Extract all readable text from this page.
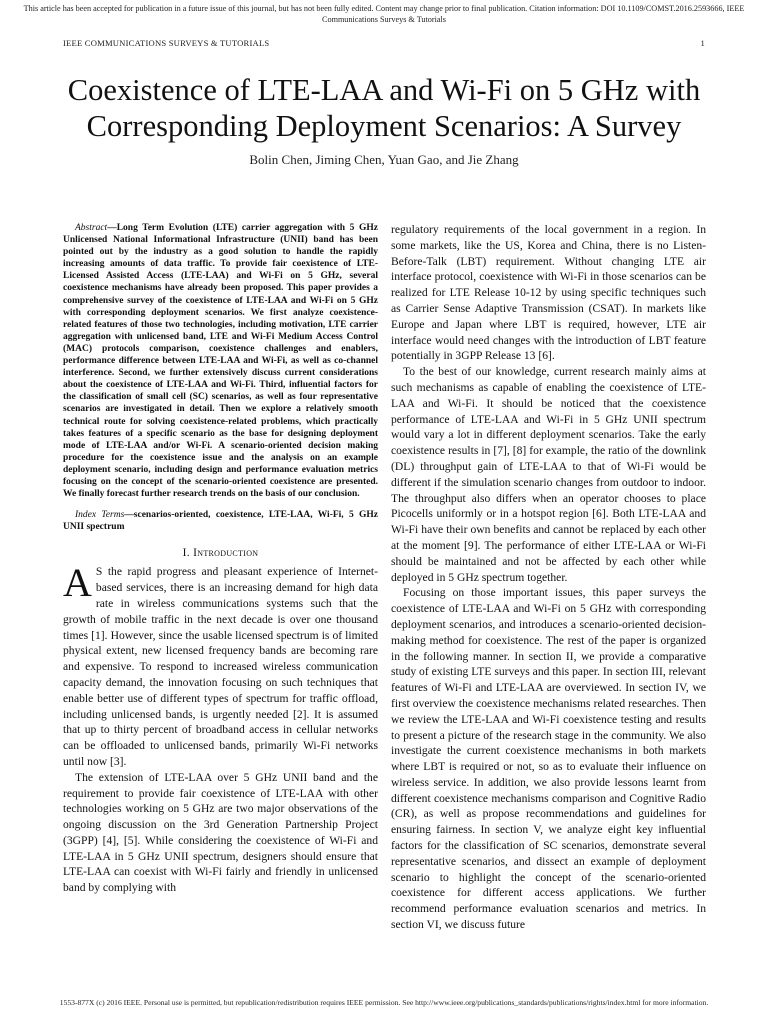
This article has been accepted for publication in a future issue of this journal, but has not been fully edited. Content may change prior to final publication. Citation information: DOI 10.1109/COMST.2016.2593666, IEEE Communications Surveys & Tutorials
IEEE COMMUNICATIONS SURVEYS & TUTORIALS	1
Coexistence of LTE-LAA and Wi-Fi on 5 GHz with Corresponding Deployment Scenarios: A Survey
Bolin Chen, Jiming Chen, Yuan Gao, and Jie Zhang

Abstract—Long Term Evolution (LTE) carrier aggregation with 5 GHz Unlicensed National Informational Infrastructure (UNII) band has been pointed out by the industry as a good solution to handle the rapidly increasing amounts of data traffic. To provide fair coexistence of LTE-Licensed Assisted Access (LTE-LAA) and Wi-Fi on 5 GHz, several coexistence mechanisms have already been proposed. This paper provides a comprehensive survey of the coexistence of LTE-LAA and Wi-Fi on 5 GHz with corresponding deployment scenarios. We first analyze coexistence-related features of those two technologies, including motivation, LTE carrier aggregation with unlicensed band, LTE and Wi-Fi Medium Access Control (MAC) protocols comparison, coexistence challenges and enablers, performance difference between LTE-LAA and Wi-Fi, as well as co-channel interference. Second, we further extensively discuss current considerations about the coexistence of LTE-LAA and Wi-Fi. Third, influential factors for the classification of small cell (SC) scenarios, as well as four representative scenarios are investigated in detail. Then we explore a relatively smooth technical route for solving coexistence-related problems, which practically takes features of a specific scenario as the base for designing deployment mode of LTE-LAA and/or Wi-Fi. A scenario-oriented decision making procedure for the coexistence issue and the analysis on an example deployment scenario, including design and performance evaluation metrics focusing on the concept of the scenario-oriented coexistence are presented. We finally forecast further research trends on the basis of our conclusion.

Index Terms—scenarios-oriented, coexistence, LTE-LAA, Wi-Fi, 5 GHz UNII spectrum

I. Introduction

A S the rapid progress and pleasant experience of Internet-based services, there is an increasing demand for high data rate in wireless communications systems such that the growth of mobile traffic in the next decade is over one thousand times [1]. However, since the usable licensed spectrum is of limited physical extent, new licensed frequency bands are becoming rare and expensive. To respond to increased wireless communication capacity demand, the innovation focusing on such techniques that enable better use of different types of spectrum for traffic offload, including unlicensed bands, is urgently needed [2]. It is assumed that up to thirty percent of broadband access in cellular networks can be offloaded to unlicensed bands, primarily Wi-Fi networks until now [3].

The extension of LTE-LAA over 5 GHz UNII band and the requirement to provide fair coexistence of LTE-LAA with other technologies working on 5 GHz are two major observations of the ongoing discussion on the 3rd Generation Partnership Project (3GPP) [4], [5]. While considering the coexistence of Wi-Fi and LTE-LAA in 5 GHz UNII spectrum, designers should ensure that LTE-LAA can coexist with Wi-Fi fairly and friendly in unlicensed band by complying with

regulatory requirements of the local government in a region. In some markets, like the US, Korea and China, there is no Listen-Before-Talk (LBT) requirement. Without changing LTE air interface protocol, coexistence with Wi-Fi in those scenarios can be realized for LTE Release 10-12 by using specific techniques such as Carrier Sense Adaptive Transmission (CSAT). In markets like Europe and Japan where LBT is required, however, LTE air interface would need changes with the introduction of LBT feature potentially in 3GPP Release 13 [6].

To the best of our knowledge, current research mainly aims at such mechanisms as capable of enabling the coexistence of LTE-LAA and Wi-Fi. It should be noticed that the coexistence performance of LTE-LAA and Wi-Fi in 5 GHz UNII spectrum would vary a lot in different deployment scenarios. Take the early coexistence results in [7], [8] for example, the ratio of the downlink (DL) throughput gain of LTE-LAA to that of Wi-Fi would be different if the simulation scenario changes from outdoor to indoor. The throughput also differs when an operator chooses to place Picocells uniformly or in a hotspot region [6]. Both LTE-LAA and Wi-Fi have their own benefits and cannot be replaced by each other at the moment [9]. The performance of either LTE-LAA or Wi-Fi should be maintained and not be affected by each other while deployed in 5 GHz spectrum together.

Focusing on those important issues, this paper surveys the coexistence of LTE-LAA and Wi-Fi on 5 GHz with corresponding deployment scenarios, and introduces a scenario-oriented decision-making method for coexistence. The rest of the paper is organized in the following manner. In section II, we provide a comparative study of existing LTE surveys and this paper. In section III, relevant features of Wi-Fi and LTE-LAA are overviewed. In section IV, we first overview the coexistence mechanisms related researches. Then we review the LTE-LAA and Wi-Fi coexistence testing and results to present a picture of the research stage in the community. We also investigate the current coexistence mechanisms in both markets where LBT is required or not, so as to evaluate their influence on wireless service. In addition, we also provide lessons learnt from different coexistence mechanisms comparison and Cognitive Radio (CR), as well as propose recommendations and guidelines for ensuring fairness. In section V, we analyze eight key influential factors for the classification of SC scenarios, demonstrate several representative scenarios, and dissect an example of deployment scenario to highlight the concept of the scenario-oriented coexistence for different access applications. We further recommend performance evaluation scenarios and metrics. In section VI, we discuss future

1553-877X (c) 2016 IEEE. Personal use is permitted, but republication/redistribution requires IEEE permission. See http://www.ieee.org/publications_standards/publications/rights/index.html for more information.
